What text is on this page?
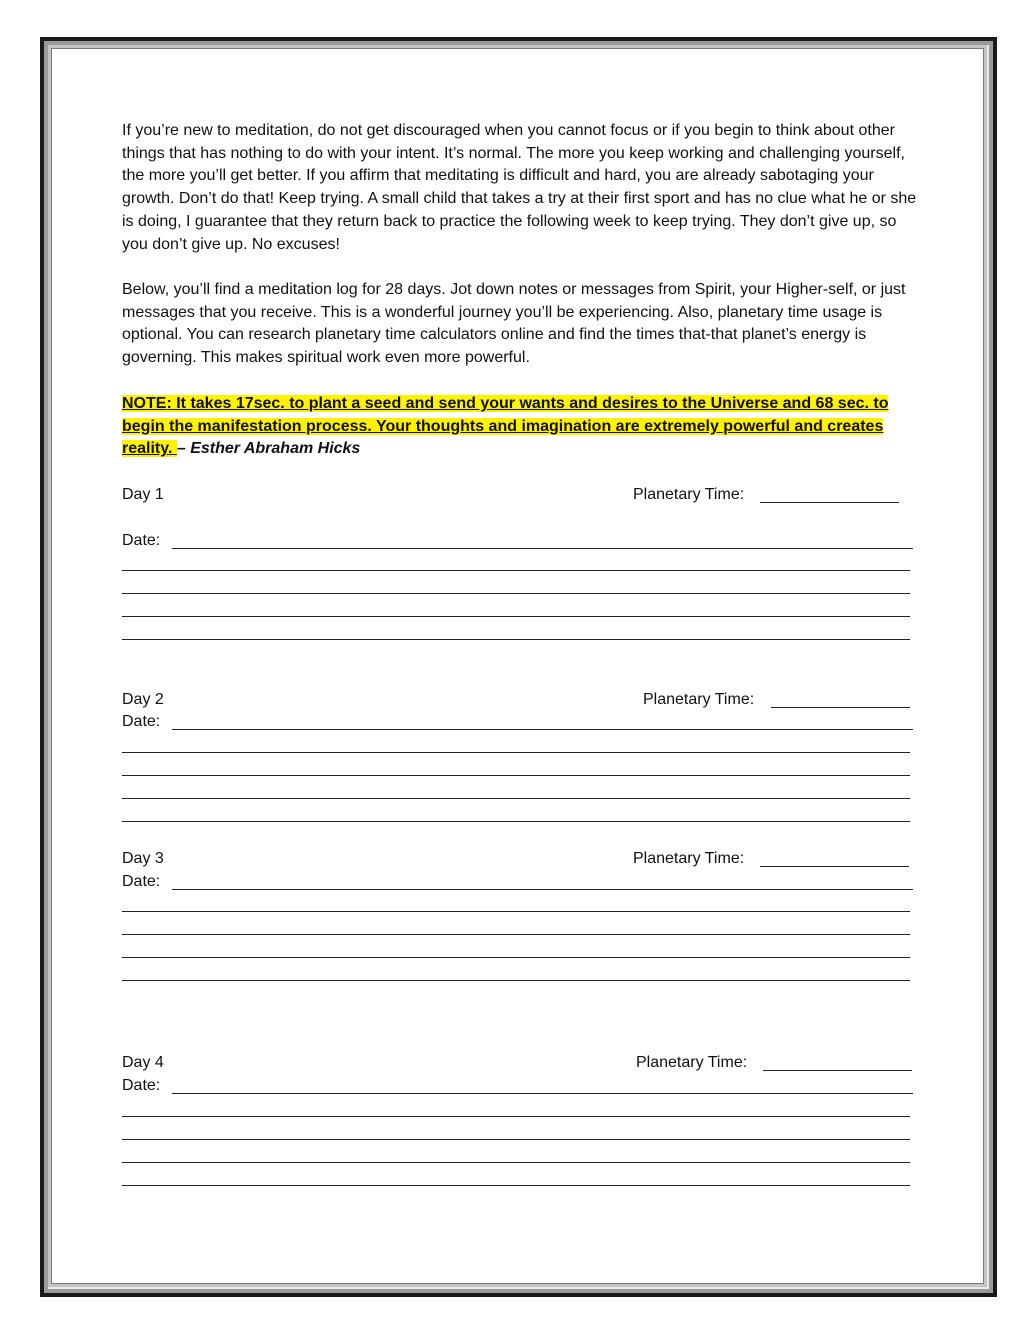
If you’re new to meditation, do not get discouraged when you cannot focus or if you begin to think about other things that has nothing to do with your intent. It’s normal. The more you keep working and challenging yourself, the more you’ll get better. If you affirm that meditating is difficult and hard, you are already sabotaging your growth. Don’t do that! Keep trying. A small child that takes a try at their first sport and has no clue what he or she is doing, I guarantee that they return back to practice the following week to keep trying. They don’t give up, so you don’t give up. No excuses!

Below, you’ll find a meditation log for 28 days. Jot down notes or messages from Spirit, your Higher-self, or just messages that you receive. This is a wonderful journey you’ll be experiencing. Also, planetary time usage is optional. You can research planetary time calculators online and find the times that-that planet’s energy is governing. This makes spiritual work even more powerful.

NOTE: It takes 17sec. to plant a seed and send your wants and desires to the Universe and 68 sec. to begin the manifestation process. Your thoughts and imagination are extremely powerful and creates reality. – Esther Abraham Hicks

Day 1	Planetary Time:
Date:
Day 2	Planetary Time:
Date:
Day 3	Planetary Time:
Date:
Day 4	Planetary Time:
Date:
